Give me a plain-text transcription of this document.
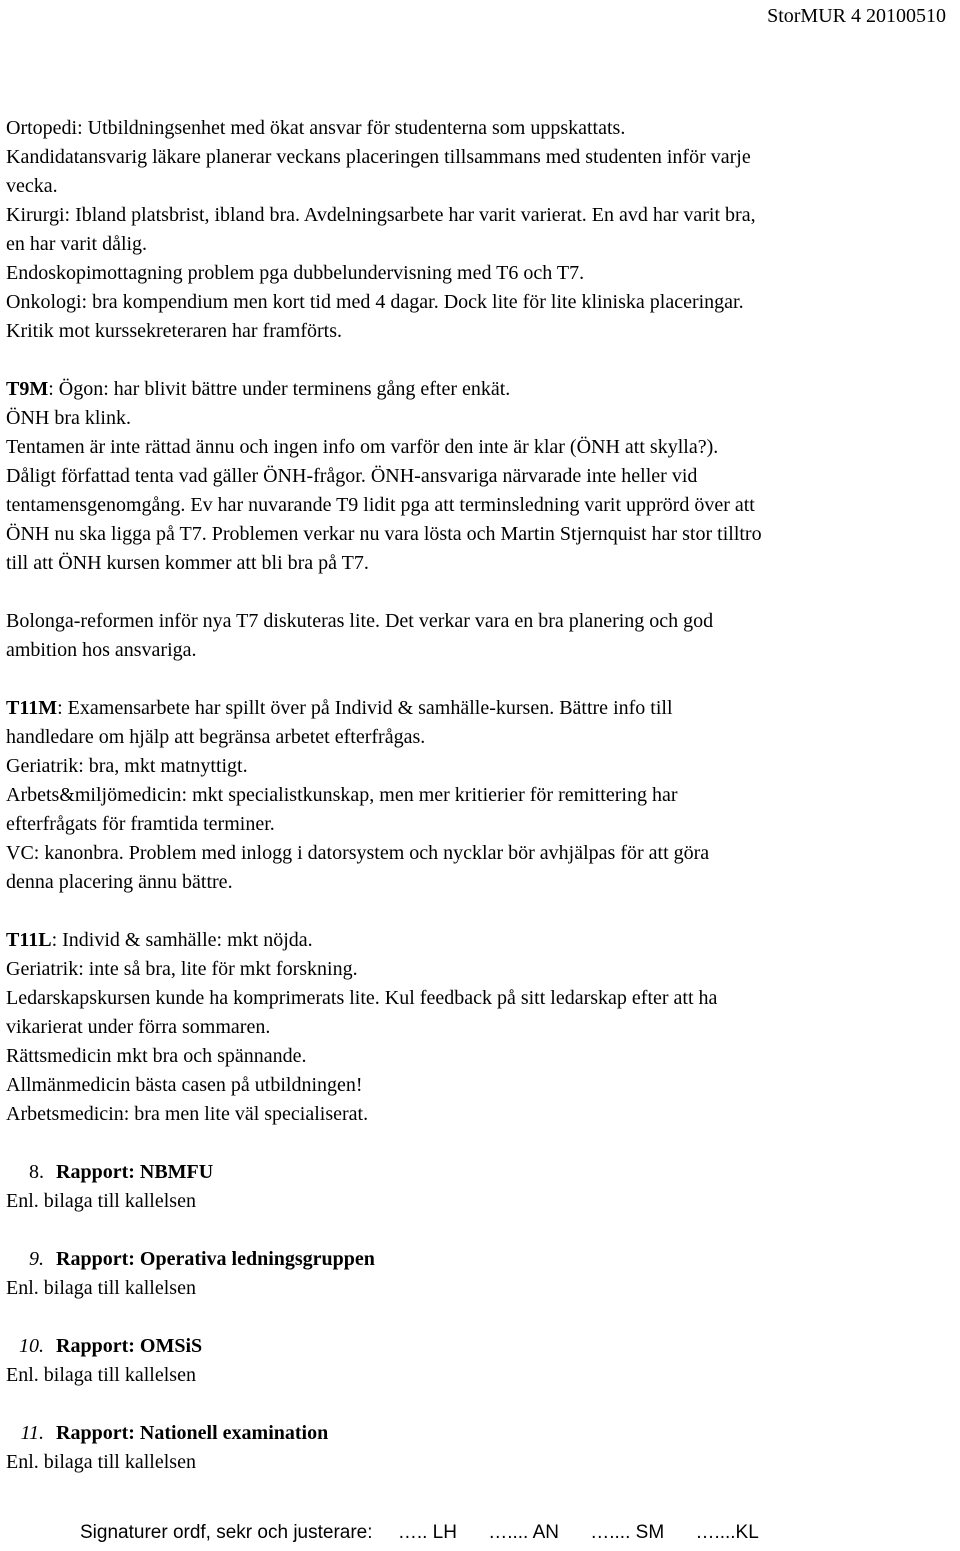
StorMUR 4 20100510
Ortopedi: Utbildningsenhet med ökat ansvar för studenterna som uppskattats.
Kandidatansvarig läkare planerar veckans placeringen tillsammans med studenten inför varje
vecka.
Kirurgi: Ibland platsbrist, ibland bra. Avdelningsarbete har varit varierat. En avd har varit bra,
en har varit dålig.
Endoskopimottagning problem pga dubbelundervisning med T6 och T7.
Onkologi: bra kompendium men kort tid med 4 dagar. Dock lite för lite kliniska placeringar.
Kritik mot kurssekreteraren har framförts.
T9M: Ögon: har blivit bättre under terminens gång efter enkät.
ÖNH bra klink.
Tentamen är inte rättad ännu och ingen info om varför den inte är klar (ÖNH att skylla?).
Dåligt författad tenta vad gäller ÖNH-frågor. ÖNH-ansvariga närvarade inte heller vid
tentamensgenomgång. Ev har nuvarande T9 lidit pga att terminsledning varit upprörd över att
ÖNH nu ska ligga på T7. Problemen verkar nu vara lösta och Martin Stjernquist har stor tilltro
till att ÖNH kursen kommer att bli bra på T7.
Bolonga-reformen inför nya T7 diskuteras lite. Det verkar vara en bra planering och god
ambition hos ansvariga.
T11M: Examensarbete har spillt över på Individ & samhälle-kursen. Bättre info till
handledare om hjälp att begränsa arbetet efterfrågas.
Geriatrik: bra, mkt matnyttigt.
Arbets&miljömedicin: mkt specialistkunskap, men mer kritierier för remittering har
efterfrågats för framtida terminer.
VC: kanonbra. Problem med inlogg i datorsystem och nycklar bör avhjälpas för att göra
denna placering ännu bättre.
T11L: Individ & samhälle: mkt nöjda.
Geriatrik: inte så bra, lite för mkt forskning.
Ledarskapskursen kunde ha komprimerats lite. Kul feedback på sitt ledarskap efter att ha
vikarierat under förra sommaren.
Rättsmedicin mkt bra och spännande.
Allmänmedicin bästa casen på utbildningen!
Arbetsmedicin: bra men lite väl specialiserat.
8. Rapport: NBMFU
Enl. bilaga till kallelsen
9. Rapport: Operativa ledningsgruppen
Enl. bilaga till kallelsen
10. Rapport: OMSiS
Enl. bilaga till kallelsen
11. Rapport: Nationell examination
Enl. bilaga till kallelsen
Signaturer ordf, sekr och justerare: ….. LH ….... AN ….... SM …....KL
